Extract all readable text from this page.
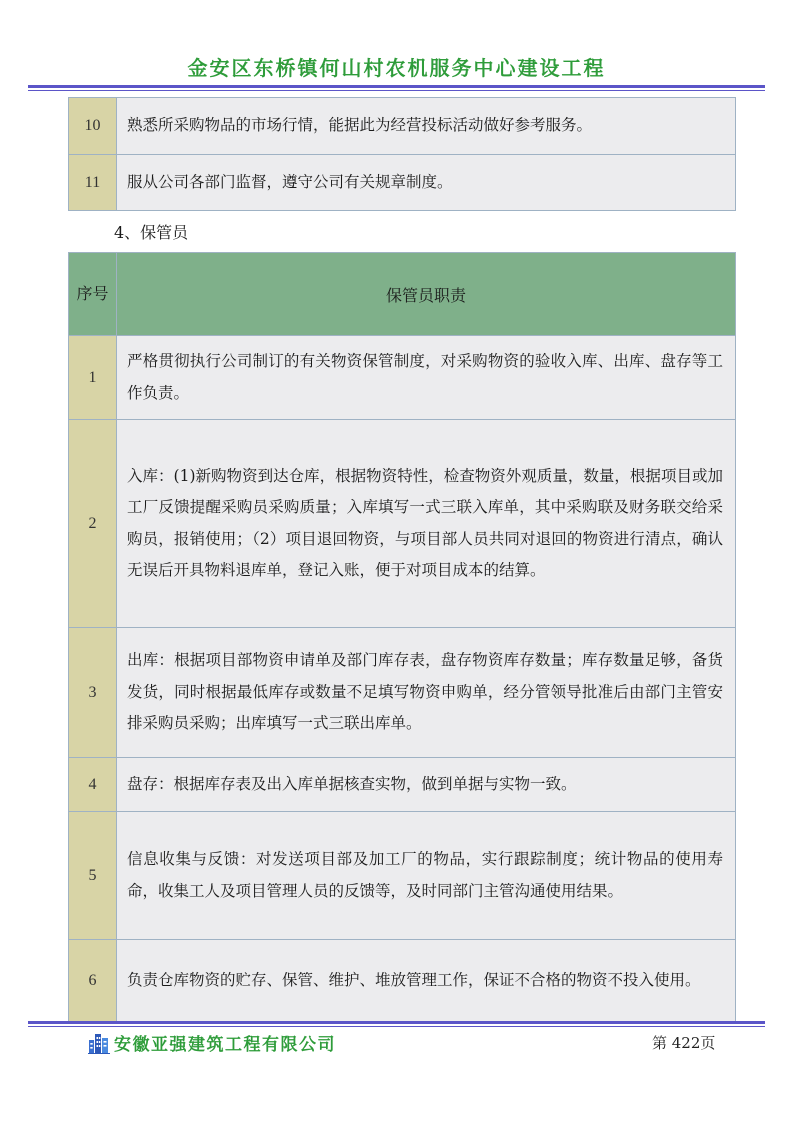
金安区东桥镇何山村农机服务中心建设工程
10	熟悉所采购物品的市场行情，能据此为经营投标活动做好参考服务。
11	服从公司各部门监督，遵守公司有关规章制度。
4、保管员
序号	保管员职责
1	严格贯彻执行公司制订的有关物资保管制度，对采购物资的验收入库、出库、盘存等工作负责。
2	入库：(1)新购物资到达仓库，根据物资特性，检查物资外观质量，数量，根据项目或加工厂反馈提醒采购员采购质量；入库填写一式三联入库单，其中采购联及财务联交给采购员，报销使用；（2）项目退回物资，与项目部人员共同对退回的物资进行清点，确认无误后开具物料退库单，登记入账，便于对项目成本的结算。
3	出库：根据项目部物资申请单及部门库存表，盘存物资库存数量；库存数量足够，备货发货，同时根据最低库存或数量不足填写物资申购单，经分管领导批准后由部门主管安排采购员采购；出库填写一式三联出库单。
4	盘存：根据库存表及出入库单据核查实物，做到单据与实物一致。
5	信息收集与反馈：对发送项目部及加工厂的物品，实行跟踪制度；统计物品的使用寿命，收集工人及项目管理人员的反馈等，及时同部门主管沟通使用结果。
6	负责仓库物资的贮存、保管、维护、堆放管理工作，保证不合格的物资不投入使用。
安徽亚强建筑工程有限公司	第 422页
